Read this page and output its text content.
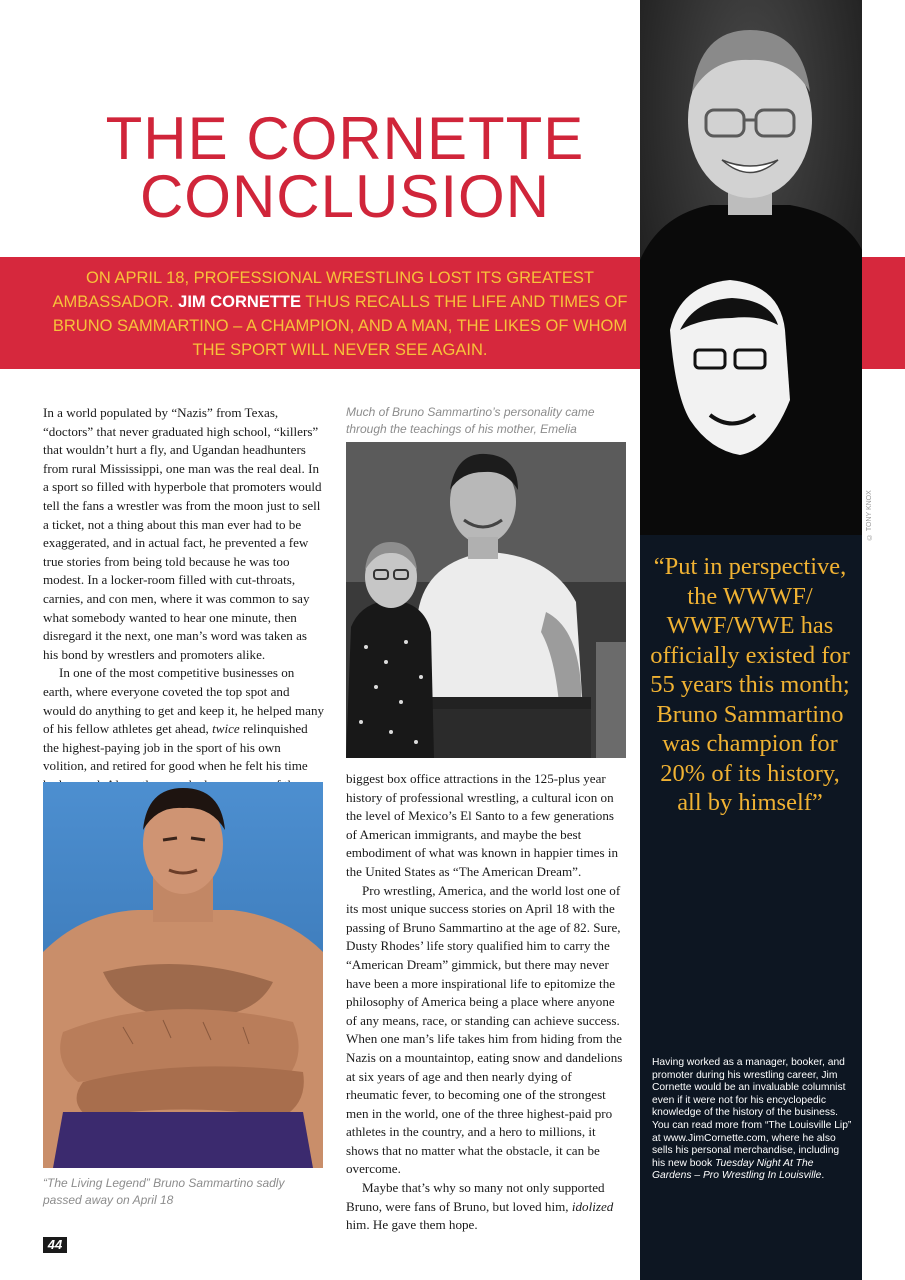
THE CORNETTE
CONCLUSION
© TONY KNOX

ON APRIL 18, PROFESSIONAL WRESTLING LOST ITS GREATEST AMBASSADOR. JIM CORNETTE THUS RECALLS THE LIFE AND TIMES OF BRUNO SAMMARTINO – A CHAMPION, AND A MAN, THE LIKES OF WHOM THE SPORT WILL NEVER SEE AGAIN.

“Put in perspective, the WWWF/ WWF/WWE has officially existed for 55 years this month; Bruno Sammartino was champion for 20% of its history, all by himself”

Having worked as a manager, booker, and promoter during his wrestling career, Jim Cornette would be an invaluable columnist even if it were not for his encyclopedic knowledge of the history of the business. You can read more from “The Louisville Lip” at www.JimCornette.com, where he also sells his personal merchandise, including his new book Tuesday Night At The Gardens – Pro Wrestling In Louisville.

In a world populated by “Nazis” from Texas, “doctors” that never graduated high school, “killers” that wouldn’t hurt a fly, and Ugandan headhunters from rural Mississippi, one man was the real deal. In a sport so filled with hyperbole that promoters would tell the fans a wrestler was from the moon just to sell a ticket, not a thing about this man ever had to be exaggerated, and in actual fact, he prevented a few true stories from being told because he was too modest. In a locker-room filled with cut-throats, carnies, and con men, where it was common to say what somebody wanted to hear one minute, then disregard it the next, one man’s word was taken as his bond by wrestlers and promoters alike.

In one of the most competitive businesses on earth, where everyone coveted the top spot and would do anything to get and keep it, he helped many of his fellow athletes get ahead, twice relinquished the highest-paying job in the sport of his own volition, and retired for good when he felt his time

Much of Bruno Sammartino’s personality came through the teachings of his mother, Emelia

“The Living Legend” Bruno Sammartino sadly passed away on April 18

biggest box office attractions in the 125-plus year history of professional wrestling, a cultural icon on the level of Mexico’s El Santo to a few generations of American immigrants, and maybe the best embodiment of what was known in happier times in the United States as “The American Dream”.

Pro wrestling, America, and the world lost one of its most unique success stories on April 18 with the passing of Bruno Sammartino at the age of 82. Sure, Dusty Rhodes’ life story qualified him to carry the “American Dream” gimmick, but there may never have been a more inspirational life to epitomize the philosophy of America being a place where anyone of any means, race, or standing can achieve success. When one man’s life takes him from hiding from the Nazis on a mountaintop, eating snow and dandelions at six years of age and then nearly dying of rheumatic fever, to becoming one of the strongest men in the world, one of the three highest-paid pro athletes in the country, and a hero to millions, it shows that no matter what the obstacle, it can be overcome.

Maybe that’s why so many not only supported Bruno, were fans of Bruno, but loved him, idolized him. He gave them hope.

44
